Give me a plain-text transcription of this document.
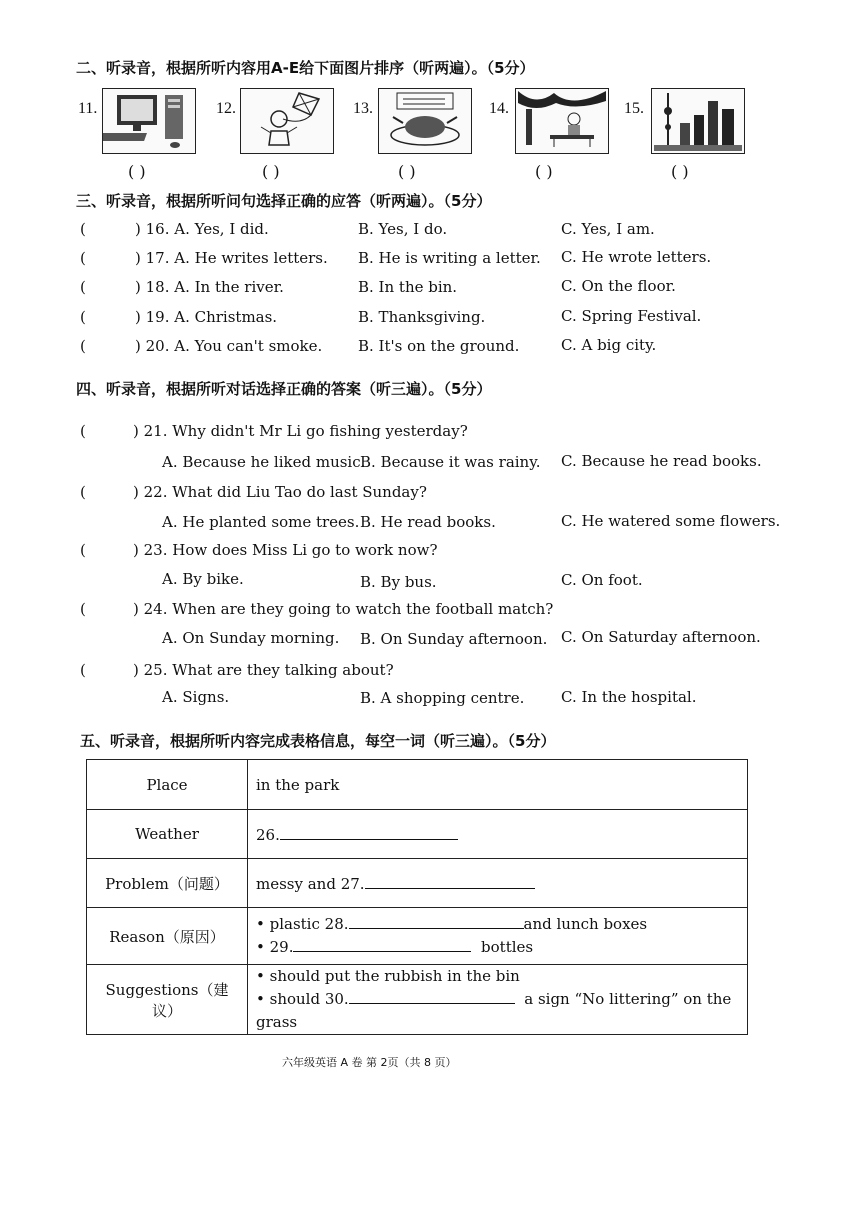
二、听录音，根据所听内容用A-E给下面图片排序（听两遍）。（5分）
11.	12.	13.	14.	15.
( )	( )	( )	( )	( )
三、听录音，根据所听问句选择正确的应答（听两遍）。（5分）
(	) 16. A. Yes, I did.	B. Yes, I do.	C. Yes, I am.
(	) 17. A. He writes letters. B. He is writing a letter. C. He wrote letters.
(	) 18. A. In the river.	B. In the bin.	C. On the floor.
(	) 19. A. Christmas.	B. Thanksgiving.	C. Spring Festival.
(	) 20. A. You can't smoke. B. It's on the ground.	C. A big city.
四、听录音，根据所听对话选择正确的答案（听三遍）。（5分）
(	) 21. Why didn't Mr Li go fishing yesterday?
A. Because he liked music.
B. Because it was rainy. C. Because he read books.
(	) 22. What did Liu Tao do last Sunday?
A. He planted some trees. B. He read books.	C. He watered some flowers.
(	) 23. How does Miss Li go to work now?
A. By bike.	B. By bus.	C. On foot.
(	) 24. When are they going to watch the football match?
A. On Sunday morning. B. On Sunday afternoon. C. On Saturday afternoon.
(	) 25. What are they talking about?
A. Signs.	B. A shopping centre. C. In the hospital.
五、听录音，根据所听内容完成表格信息，每空一词（听三遍）。（5分）
Place	in the park
Weather	26.
Problem（问题）	messy and 27.
Reason（原因）	• plastic 28. and lunch boxes
• 29. bottles

Suggestions（建议）	• should put the rubbish in the bin
• should 30. a sign “No littering” on the grass
六年级英语 A 卷 第 2页（共 8 页）
